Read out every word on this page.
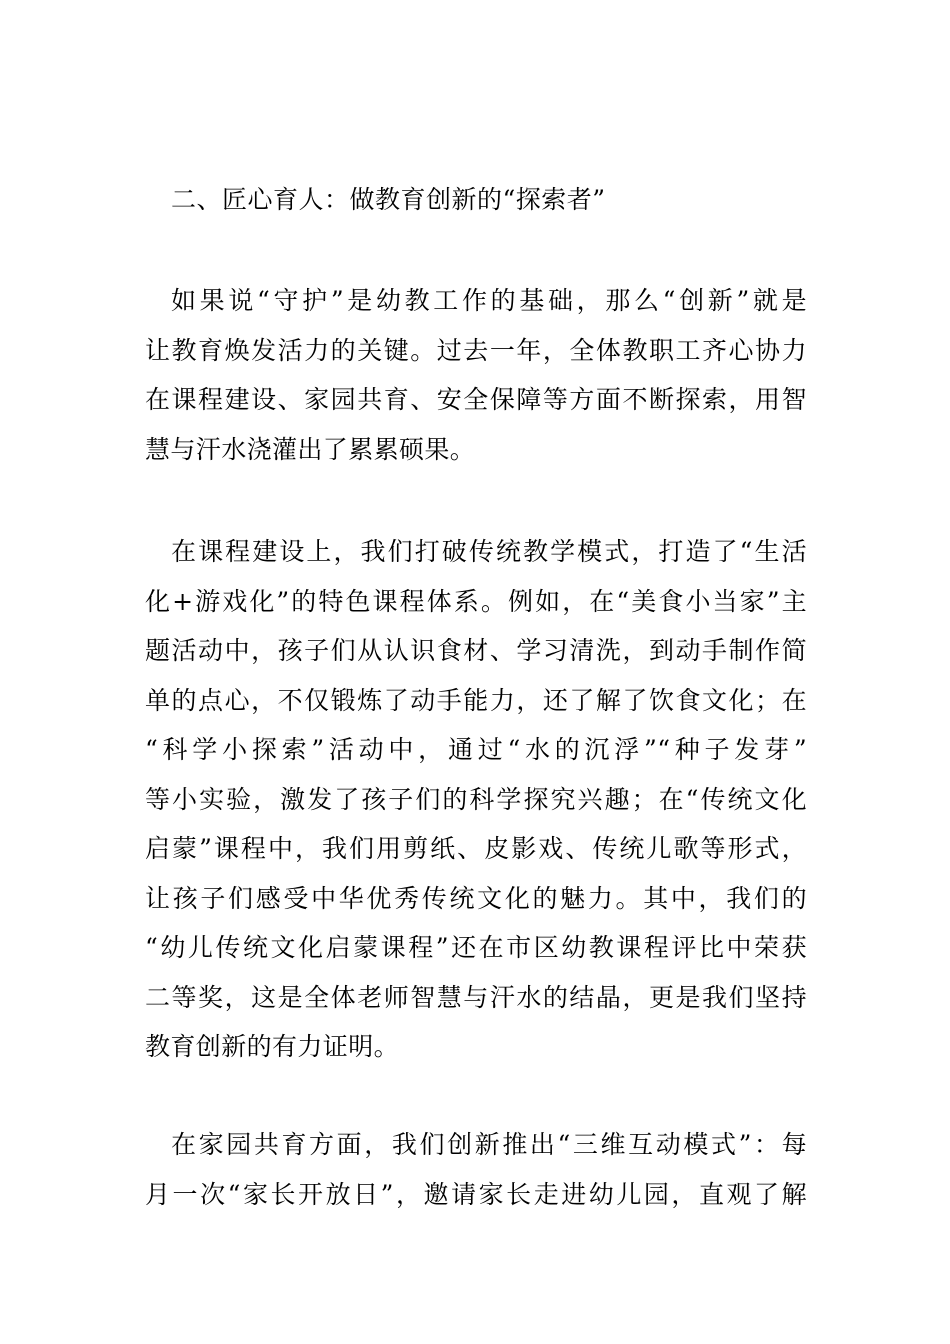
二、匠心育人：做教育创新的“探索者”

如果说“守护”是幼教工作的基础，那么“创新”就是
让教育焕发活力的关键。过去一年，全体教职工齐心协力
在课程建设、家园共育、安全保障等方面不断探索，用智
慧与汗水浇灌出了累累硕果。

在课程建设上，我们打破传统教学模式，打造了“生活
化+游戏化”的特色课程体系。例如，在“美食小当家”主
题活动中，孩子们从认识食材、学习清洗，到动手制作简
单的点心，不仅锻炼了动手能力，还了解了饮食文化；在
“科学小探索”活动中，通过“水的沉浮”“种子发芽”
等小实验，激发了孩子们的科学探究兴趣；在“传统文化
启蒙”课程中，我们用剪纸、皮影戏、传统儿歌等形式，
让孩子们感受中华优秀传统文化的魅力。其中，我们的
“幼儿传统文化启蒙课程”还在市区幼教课程评比中荣获
二等奖，这是全体老师智慧与汗水的结晶，更是我们坚持
教育创新的有力证明。

在家园共育方面，我们创新推出“三维互动模式”：每
月一次“家长开放日”，邀请家长走进幼儿园，直观了解
